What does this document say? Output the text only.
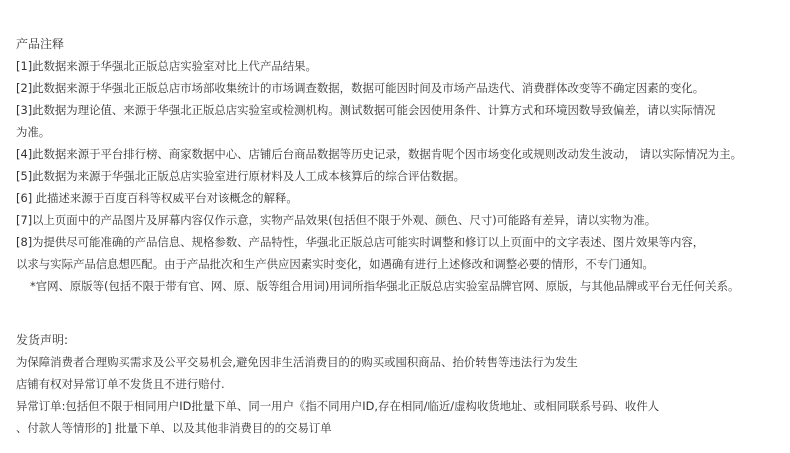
产品注释
[1]此数据来源于华强北正版总店实验室对比上代产品结果。
[2]此数据来源于华强北正版总店市场部收集统计的市场调查数据，数据可能因时间及市场产品迭代、消费群体改变等不确定因素的变化。
[3]此数据为理论值、来源于华强北正版总店实验室或检测机构。测试数据可能会因使用条件、计算方式和环境因数导致偏差，请以实际情况
为准。
[4]此数据来源于平台排行榜、商家数据中心、店铺后台商品数据等历史记录，数据肯呢个因市场变化或规则改动发生波动， 请以实际情况为主。
[5]此数据为来源于华强北正版总店实验室进行原材料及人工成本核算后的综合评估数据。
[6] 此描述来源于百度百科等权威平台对该概念的解释。
[7]以上页面中的产品图片及屏幕内容仅作示意，实物产品效果(包括但不限于外观、颜色、尺寸)可能路有差异，请以实物为准。
[8]为提供尽可能准确的产品信息、规格参数、产品特性，华强北正版总店可能实时调整和修订以上页面中的文字表述、图片效果等内容，
以求与实际产品信息想匹配。由于产品批次和生产供应因素实时变化，如遇确有进行上述修改和调整必要的情形，不专门通知。
*官网、原版等(包括不限于带有官、网、原、版等组合用词)用词所指华强北正版总店实验室品牌官网、原版，与其他品牌或平台无任何关系。
发货声明:
为保障消费者合理购买需求及公平交易机会,避免因非生活消费目的的购买或囤积商品、抬价转售等违法行为发生
店铺有权对异常订单不发货且不进行赔付.
异常订单:包括但不限于相同用户ID批量下单、同一用户《指不同用户ID,存在相同/临近/虚构收货地址、或相同联系号码、收件人
、付款人等情形的] 批量下单、以及其他非消费目的的交易订单
